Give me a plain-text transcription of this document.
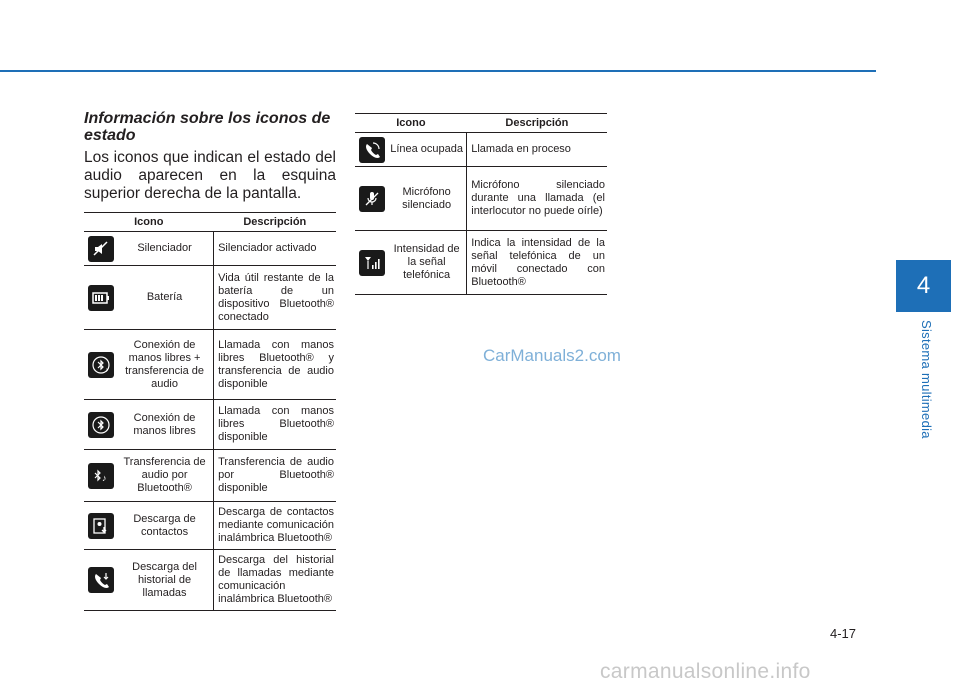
4
Sistema multimedia
Información sobre los iconos de estado

Los iconos que indican el estado del audio aparecen en la esquina superior derecha de la pantalla.

Icono		Descripción

	Silenciador	Silenciador activado

	Batería	Vida útil restante de la batería de un dispositivo Bluetooth® conectado

♪	Conexión de manos libres + transferencia de audio	Llamada con manos libres Bluetooth® y transferencia de audio disponible

	Conexión de manos libres	Llamada con manos libres Bluetooth® disponible

♪	Transferencia de audio por Bluetooth®	Transferencia de audio por Bluetooth® disponible

	Descarga de contactos	Descarga de contactos mediante comunicación inalámbrica Bluetooth®

	Descarga del historial de llamadas	Descarga del historial de llamadas mediante comunicación inalámbrica Bluetooth®
Icono		Descripción

	Línea ocupada	Llamada en proceso

	Micrófono silenciado	Micrófono silenciado durante una llamada (el interlocutor no puede oírle)

	Intensidad de la señal telefónica	Indica la intensidad de la señal telefónica de un móvil conectado con Bluetooth®
CarManuals2.com
4-17
carmanualsonline.info
